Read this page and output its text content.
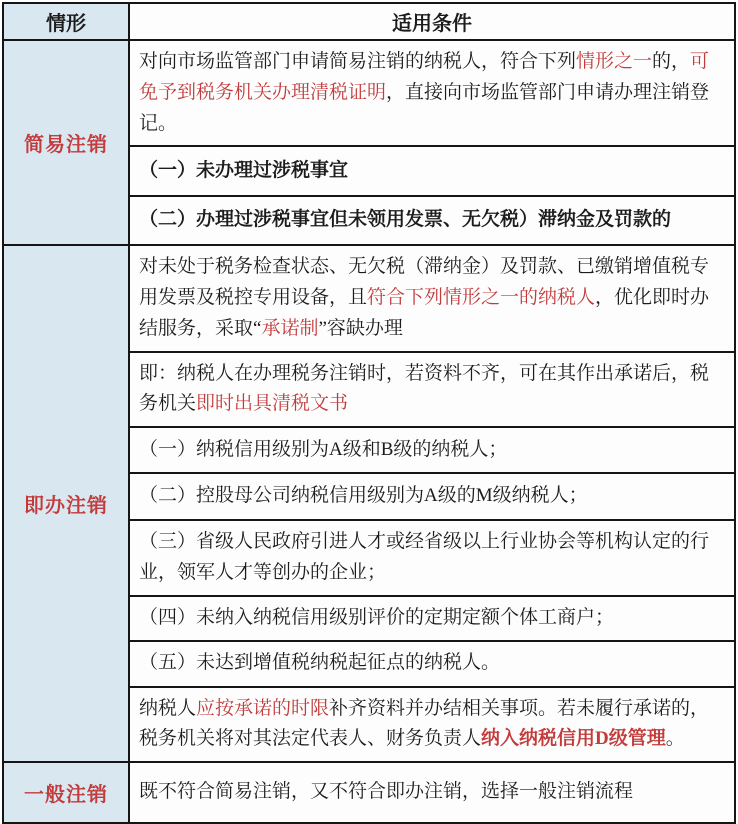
情形	适用条件
简易注销	对向市场监管部门申请简易注销的纳税人，符合下列情形之一的，可免予到税务机关办理清税证明，直接向市场监管部门申请办理注销登记。
	（一）未办理过涉税事宜
	（二）办理过涉税事宜但未领用发票、无欠税）滞纳金及罚款的
即办注销	对未处于税务检查状态、无欠税（滞纳金）及罚款、已缴销增值税专用发票及税控专用设备，且符合下列情形之一的纳税人，优化即时办结服务，采取“承诺制”容缺办理
	即：纳税人在办理税务注销时，若资料不齐，可在其作出承诺后，税务机关即时出具清税文书
	（一）纳税信用级别为A级和B级的纳税人；
	（二）控股母公司纳税信用级别为A级的M级纳税人；
	（三）省级人民政府引进人才或经省级以上行业协会等机构认定的行业，领军人才等创办的企业；
	（四）未纳入纳税信用级别评价的定期定额个体工商户；
	（五）未达到增值税纳税起征点的纳税人。
	纳税人应按承诺的时限补齐资料并办结相关事项。若未履行承诺的，税务机关将对其法定代表人、财务负责人纳入纳税信用D级管理。
一般注销	既不符合简易注销，又不符合即办注销，选择一般注销流程
